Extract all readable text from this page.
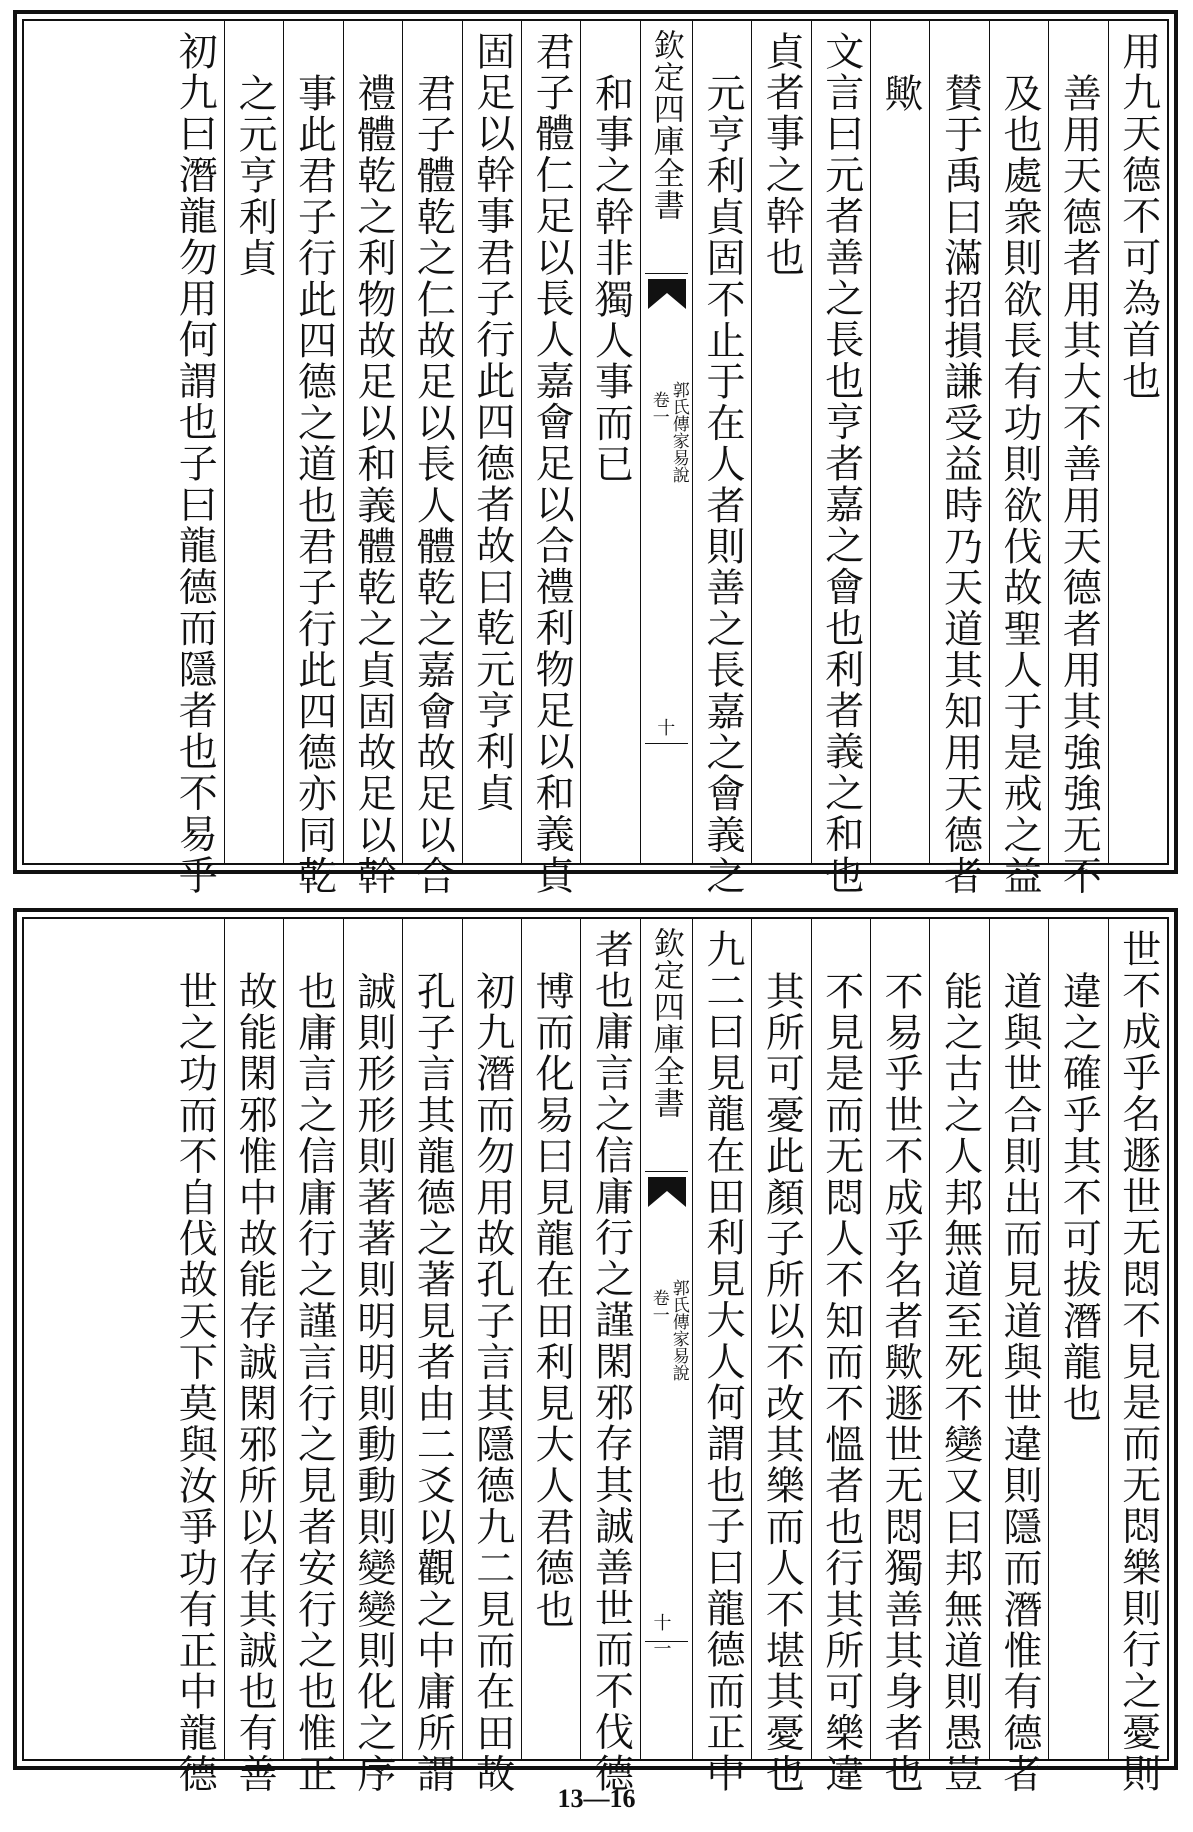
用九天德不可為首也
善用天德者用其大不善用天德者用其強強无不
及也處衆則欲長有功則欲伐故聖人于是戒之益
賛于禹曰滿招損謙受益時乃天道其知用天德者
歟
文言曰元者善之長也亨者嘉之會也利者義之和也
貞者事之幹也
元亨利貞固不止于在人者則善之長嘉之會義之
欽定四庫全書
郭氏傳家易說
卷一
十
和事之幹非獨人事而已
君子體仁足以長人嘉會足以合禮利物足以和義貞
固足以幹事君子行此四德者故曰乾元亨利貞
君子體乾之仁故足以長人體乾之嘉會故足以合
禮體乾之利物故足以和義體乾之貞固故足以幹
事此君子行此四德之道也君子行此四德亦同乾
之元亨利貞
初九曰潛龍勿用何謂也子曰龍德而隱者也不易乎
世不成乎名遯世无悶不見是而无悶樂則行之憂則
違之確乎其不可拔潛龍也
道與世合則出而見道與世違則隱而潛惟有德者
能之古之人邦無道至死不變又曰邦無道則愚豈
不易乎世不成乎名者歟遯世无悶獨善其身者也
不見是而无悶人不知而不慍者也行其所可樂違
其所可憂此顏子所以不改其樂而人不堪其憂也
九二曰見龍在田利見大人何謂也子曰龍德而正中
欽定四庫全書
郭氏傳家易說
卷一
十一
者也庸言之信庸行之謹閑邪存其誠善世而不伐德
博而化易曰見龍在田利見大人君德也
初九潛而勿用故孔子言其隱德九二見而在田故
孔子言其龍德之著見者由二爻以觀之中庸所謂
誠則形形則著著則明明則動動則變變則化之序
也庸言之信庸行之謹言行之見者安行之也惟正
故能閑邪惟中故能存誠閑邪所以存其誠也有善
世之功而不自伐故天下莫與汝爭功有正中龍德
13—16
